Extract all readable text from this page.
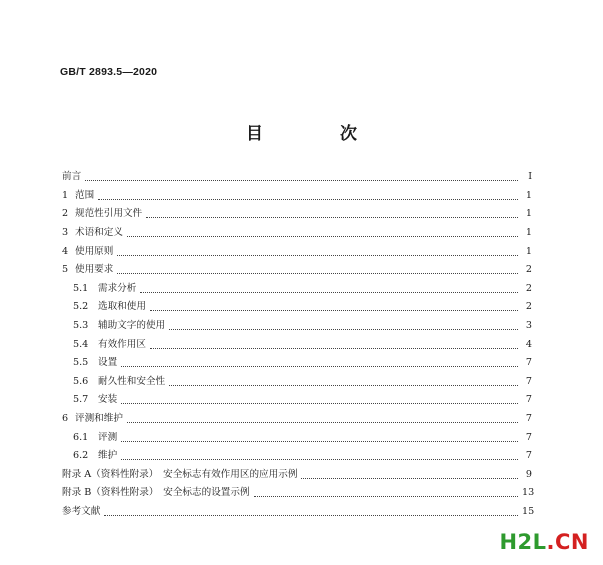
GB/T 2893.5—2020
目　次
前言	Ⅰ
1 范围	1
2 规范性引用文件	1
3 术语和定义	1
4 使用原则	1
5 使用要求	2
5.1	需求分析	2
5.2	选取和使用	2
5.3	辅助文字的使用	3
5.4	有效作用区	4
5.5	设置	7
5.6	耐久性和安全性	7
5.7	安装	7
6 评测和维护	7
6.1	评测	7
6.2	维护	7
附录 A（资料性附录）　安全标志有效作用区的应用示例	9
附录 B（资料性附录）　安全标志的设置示例	13
参考文献	15
H2L.CN
